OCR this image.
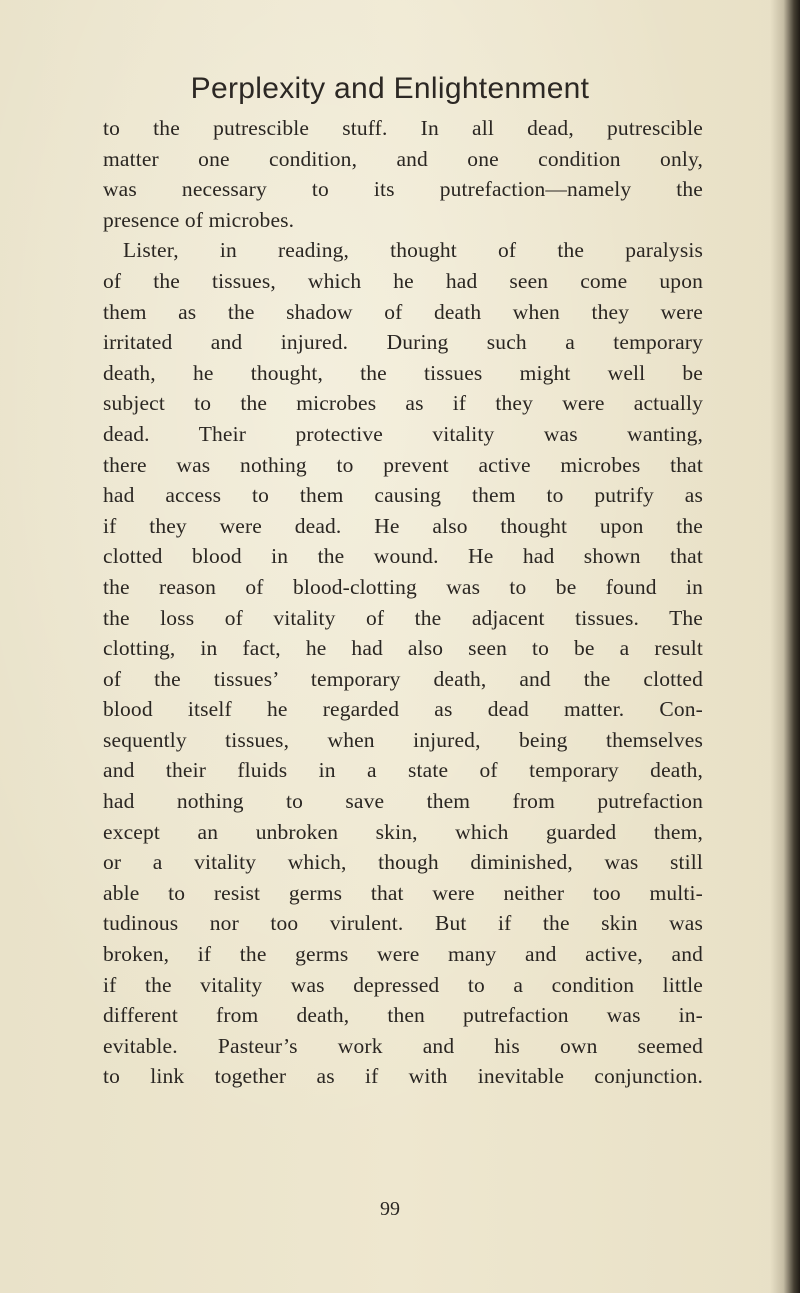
Perplexity and Enlightenment
to the putrescible stuff. In all dead, putrescible
matter one condition, and one condition only,
was necessary to its putrefaction—namely the
presence of microbes.
Lister, in reading, thought of the paralysis
of the tissues, which he had seen come upon
them as the shadow of death when they were
irritated and injured. During such a temporary
death, he thought, the tissues might well be
subject to the microbes as if they were actually
dead. Their protective vitality was wanting,
there was nothing to prevent active microbes that
had access to them causing them to putrify as
if they were dead. He also thought upon the
clotted blood in the wound. He had shown that
the reason of blood-clotting was to be found in
the loss of vitality of the adjacent tissues. The
clotting, in fact, he had also seen to be a result
of the tissues’ temporary death, and the clotted
blood itself he regarded as dead matter. Con-
sequently tissues, when injured, being themselves
and their fluids in a state of temporary death,
had nothing to save them from putrefaction
except an unbroken skin, which guarded them,
or a vitality which, though diminished, was still
able to resist germs that were neither too multi-
tudinous nor too virulent. But if the skin was
broken, if the germs were many and active, and
if the vitality was depressed to a condition little
different from death, then putrefaction was in-
evitable. Pasteur’s work and his own seemed
to link together as if with inevitable conjunction.
99
